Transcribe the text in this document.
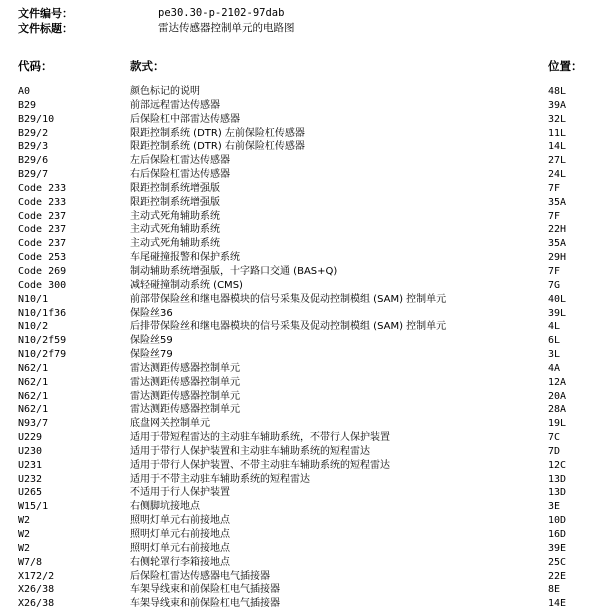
文件编号：	pe30.30-p-2102-97dab
文件标题：	雷达传感器控制单元的电路图
代码：	款式：	位置：
A0	颜色标记的说明	48L
B29	前部远程雷达传感器	39A
B29/10	后保险杠中部雷达传感器	32L
B29/2	限距控制系统 (DTR) 左前保险杠传感器	11L
B29/3	限距控制系统 (DTR) 右前保险杠传感器	14L
B29/6	左后保险杠雷达传感器	27L
B29/7	右后保险杠雷达传感器	24L
Code 233	限距控制系统增强版	7F
Code 233	限距控制系统增强版	35A
Code 237	主动式死角辅助系统	7F
Code 237	主动式死角辅助系统	22H
Code 237	主动式死角辅助系统	35A
Code 253	车尾碰撞报警和保护系统	29H
Code 269	制动辅助系统增强版，十字路口交通 (BAS+Q)	7F
Code 300	减轻碰撞制动系统 (CMS)	7G
N10/1	前部带保险丝和继电器模块的信号采集及促动控制模组 (SAM) 控制单元	40L
N10/1f36	保险丝36	39L
N10/2	后排带保险丝和继电器模块的信号采集及促动控制模组 (SAM) 控制单元	4L
N10/2f59	保险丝59	6L
N10/2f79	保险丝79	3L
N62/1	雷达测距传感器控制单元	4A
N62/1	雷达测距传感器控制单元	12A
N62/1	雷达测距传感器控制单元	20A
N62/1	雷达测距传感器控制单元	28A
N93/7	底盘网关控制单元	19L
U229	适用于带短程雷达的主动驻车辅助系统，不带行人保护装置	7C
U230	适用于带行人保护装置和主动驻车辅助系统的短程雷达	7D
U231	适用于带行人保护装置、不带主动驻车辅助系统的短程雷达	12C
U232	适用于不带主动驻车辅助系统的短程雷达	13D
U265	不适用于行人保护装置	13D
W15/1	右侧脚坑接地点	3E
W2	照明灯单元右前接地点	10D
W2	照明灯单元右前接地点	16D
W2	照明灯单元右前接地点	39E
W7/8	右侧轮罩行李箱接地点	25C
X172/2	后保险杠雷达传感器电气插接器	22E
X26/38	车架导线束和前保险杠电气插接器	8E
X26/38	车架导线束和前保险杠电气插接器	14E
